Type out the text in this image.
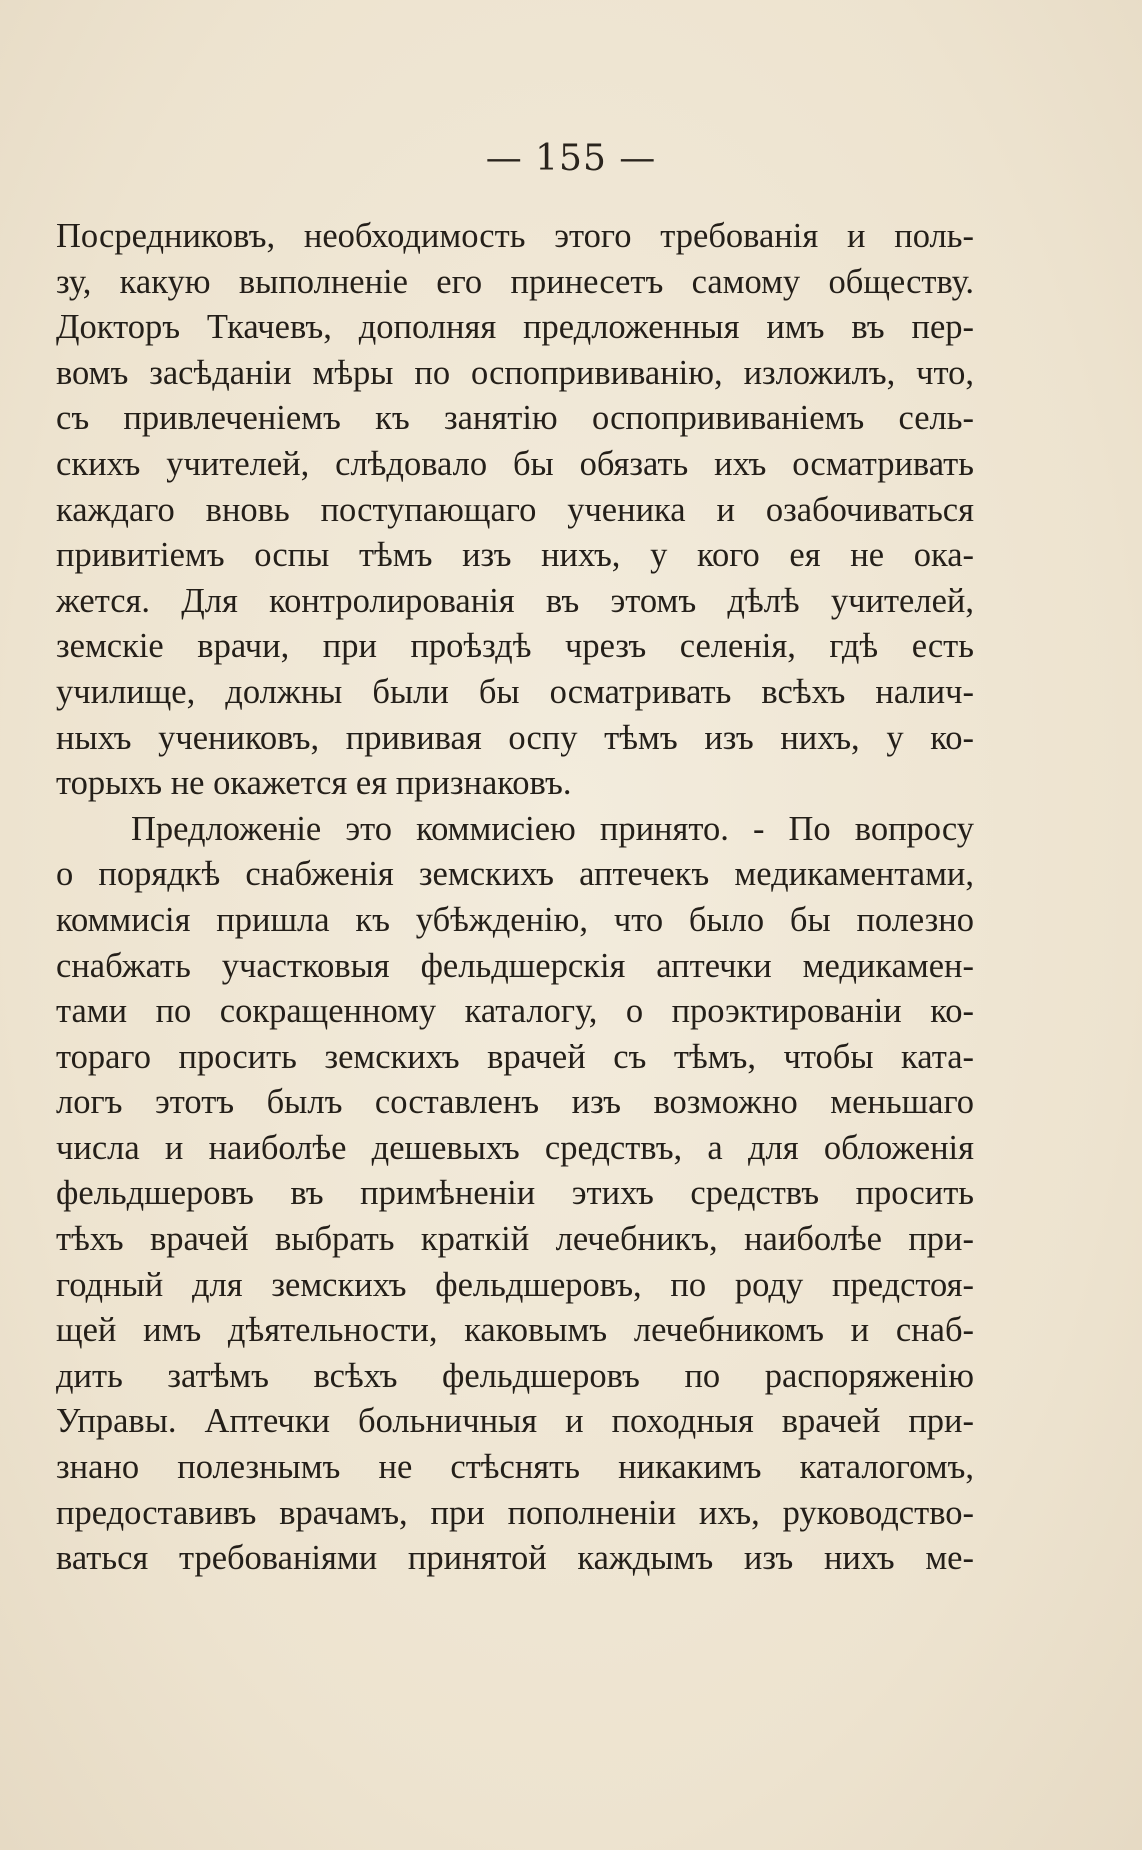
— 155 —
Посредниковъ, необходимость этого требованія и поль-
зу, какую выполненіе его принесетъ самому обществу.
Докторъ Ткачевъ, дополняя предложенныя имъ въ пер-
вомъ засѣданіи мѣры по оспопрививанію, изложилъ, что,
съ привлеченіемъ къ занятію оспопрививаніемъ сель-
скихъ учителей, слѣдовало бы обязать ихъ осматривать
каждаго вновь поступающаго ученика и озабочиваться
привитіемъ оспы тѣмъ изъ нихъ, у кого ея не ока-
жется. Для контролированія въ этомъ дѣлѣ учителей,
земскіе врачи, при проѣздѣ чрезъ селенія, гдѣ есть
училище, должны были бы осматривать всѣхъ налич-
ныхъ учениковъ, прививая оспу тѣмъ изъ нихъ, у ко-
торыхъ не окажется ея признаковъ.
Предложеніе это коммисіею принято. - По вопросу
о порядкѣ снабженія земскихъ аптечекъ медикаментами,
коммисія пришла къ убѣжденію, что было бы полезно
снабжать участковыя фельдшерскія аптечки медикамен-
тами по сокращенному каталогу, о проэктированіи ко-
тораго просить земскихъ врачей съ тѣмъ, чтобы ката-
логъ этотъ былъ составленъ изъ возможно меньшаго
числа и наиболѣе дешевыхъ средствъ, а для обложенія
фельдшеровъ въ примѣненіи этихъ средствъ просить
тѣхъ врачей выбрать краткій лечебникъ, наиболѣе при-
годный для земскихъ фельдшеровъ, по роду предстоя-
щей имъ дѣятельности, каковымъ лечебникомъ и снаб-
дить затѣмъ всѣхъ фельдшеровъ по распоряженію
Управы. Аптечки больничныя и походныя врачей при-
знано полезнымъ не стѣснять никакимъ каталогомъ,
предоставивъ врачамъ, при пополненіи ихъ, руководство-
ваться требованіями принятой каждымъ изъ нихъ ме-
